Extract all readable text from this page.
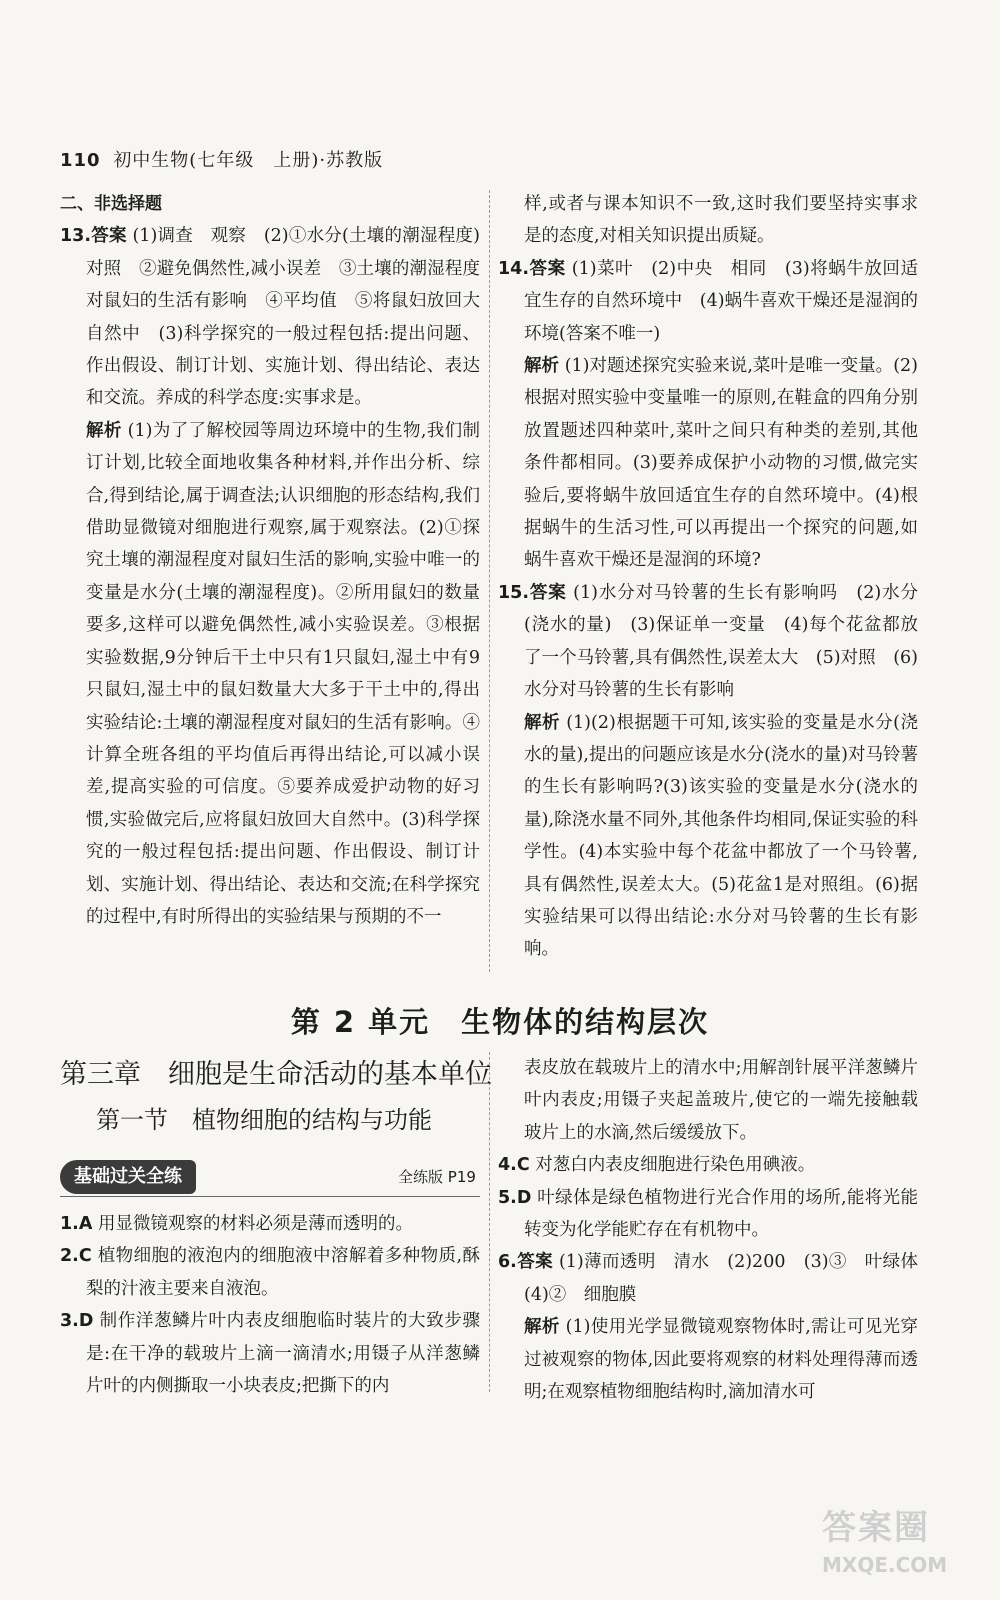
110 初中生物(七年级　上册)·苏教版

二、非选择题

13.答案 (1)调查　观察　(2)①水分(土壤的潮湿程度)　对照　②避免偶然性,减小误差　③土壤的潮湿程度对鼠妇的生活有影响　④平均值　⑤将鼠妇放回大自然中　(3)科学探究的一般过程包括:提出问题、作出假设、制订计划、实施计划、得出结论、表达和交流。养成的科学态度:实事求是。

解析 (1)为了了解校园等周边环境中的生物,我们制订计划,比较全面地收集各种材料,并作出分析、综合,得到结论,属于调查法;认识细胞的形态结构,我们借助显微镜对细胞进行观察,属于观察法。(2)①探究土壤的潮湿程度对鼠妇生活的影响,实验中唯一的变量是水分(土壤的潮湿程度)。②所用鼠妇的数量要多,这样可以避免偶然性,减小实验误差。③根据实验数据,9分钟后干土中只有1只鼠妇,湿土中有9只鼠妇,湿土中的鼠妇数量大大多于干土中的,得出实验结论:土壤的潮湿程度对鼠妇的生活有影响。④计算全班各组的平均值后再得出结论,可以减小误差,提高实验的可信度。⑤要养成爱护动物的好习惯,实验做完后,应将鼠妇放回大自然中。(3)科学探究的一般过程包括:提出问题、作出假设、制订计划、实施计划、得出结论、表达和交流;在科学探究的过程中,有时所得出的实验结果与预期的不一

样,或者与课本知识不一致,这时我们要坚持实事求是的态度,对相关知识提出质疑。

14.答案 (1)菜叶　(2)中央　相同　(3)将蜗牛放回适宜生存的自然环境中　(4)蜗牛喜欢干燥还是湿润的环境(答案不唯一)

解析 (1)对题述探究实验来说,菜叶是唯一变量。(2)根据对照实验中变量唯一的原则,在鞋盒的四角分别放置题述四种菜叶,菜叶之间只有种类的差别,其他条件都相同。(3)要养成保护小动物的习惯,做完实验后,要将蜗牛放回适宜生存的自然环境中。(4)根据蜗牛的生活习性,可以再提出一个探究的问题,如蜗牛喜欢干燥还是湿润的环境?

15.答案 (1)水分对马铃薯的生长有影响吗　(2)水分(浇水的量)　(3)保证单一变量　(4)每个花盆都放了一个马铃薯,具有偶然性,误差太大　(5)对照　(6)水分对马铃薯的生长有影响

解析 (1)(2)根据题干可知,该实验的变量是水分(浇水的量),提出的问题应该是水分(浇水的量)对马铃薯的生长有影响吗?(3)该实验的变量是水分(浇水的量),除浇水量不同外,其他条件均相同,保证实验的科学性。(4)本实验中每个花盆中都放了一个马铃薯,具有偶然性,误差太大。(5)花盆1是对照组。(6)据实验结果可以得出结论:水分对马铃薯的生长有影响。

第 2 单元　生物体的结构层次
第三章　细胞是生命活动的基本单位
第一节　植物细胞的结构与功能
基础过关全练	全练版 P19

1.A 用显微镜观察的材料必须是薄而透明的。

2.C 植物细胞的液泡内的细胞液中溶解着多种物质,酥梨的汁液主要来自液泡。

3.D 制作洋葱鳞片叶内表皮细胞临时装片的大致步骤是:在干净的载玻片上滴一滴清水;用镊子从洋葱鳞片叶的内侧撕取一小块表皮;把撕下的内

表皮放在载玻片上的清水中;用解剖针展平洋葱鳞片叶内表皮;用镊子夹起盖玻片,使它的一端先接触载玻片上的水滴,然后缓缓放下。

4.C 对葱白内表皮细胞进行染色用碘液。

5.D 叶绿体是绿色植物进行光合作用的场所,能将光能转变为化学能贮存在有机物中。

6.答案 (1)薄而透明　清水　(2)200　(3)③　叶绿体　(4)②　细胞膜

解析 (1)使用光学显微镜观察物体时,需让可见光穿过被观察的物体,因此要将观察的材料处理得薄而透明;在观察植物细胞结构时,滴加清水可

答案圈
MXQE.COM
